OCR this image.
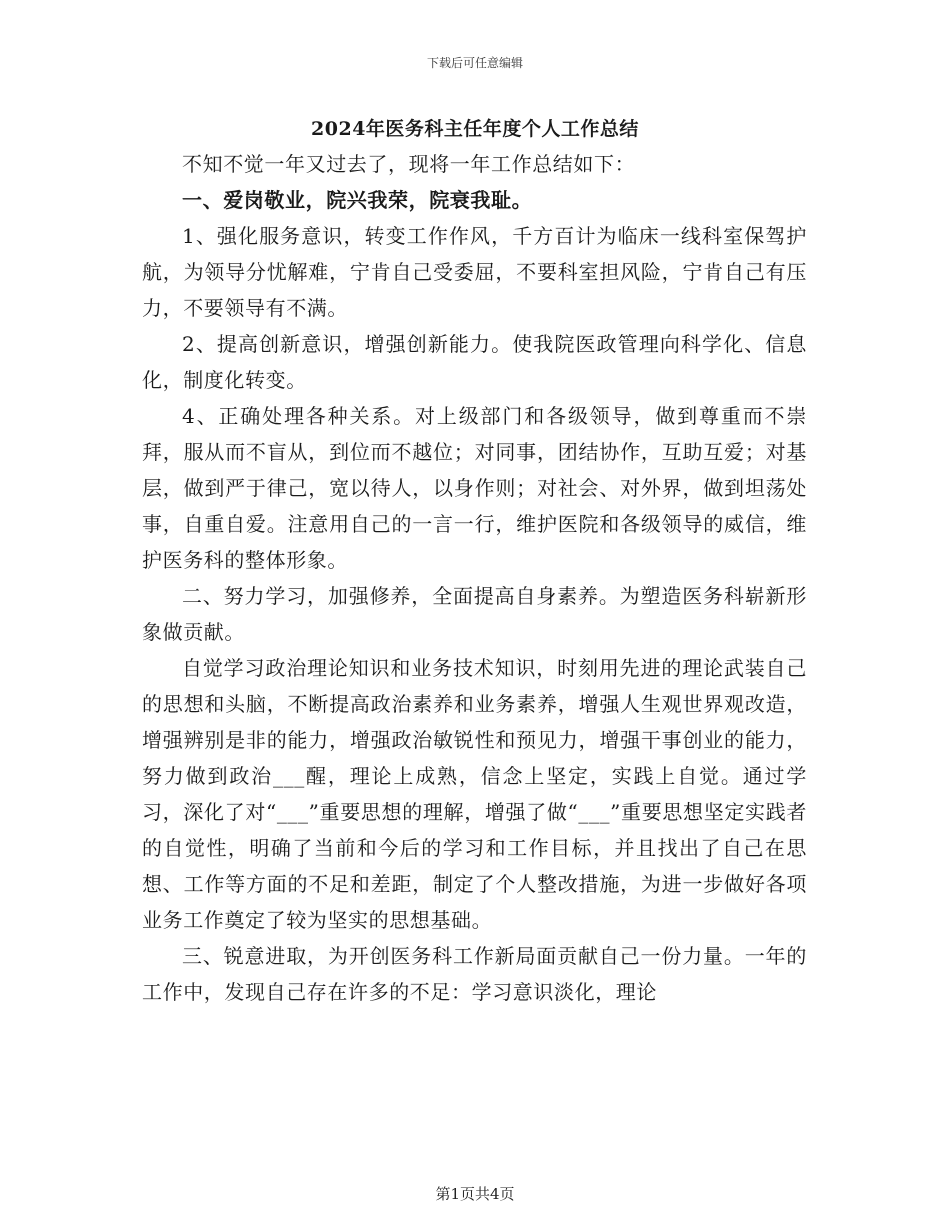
下载后可任意编辑
2024年医务科主任年度个人工作总结

不知不觉一年又过去了，现将一年工作总结如下：

一、爱岗敬业，院兴我荣，院衰我耻。

1、强化服务意识，转变工作作风，千方百计为临床一线科室保驾护航，为领导分忧解难，宁肯自己受委屈，不要科室担风险，宁肯自己有压力，不要领导有不满。

2、提高创新意识，增强创新能力。使我院医政管理向科学化、信息化，制度化转变。

4、正确处理各种关系。对上级部门和各级领导，做到尊重而不崇拜，服从而不盲从，到位而不越位；对同事，团结协作，互助互爱；对基层，做到严于律己，宽以待人，以身作则；对社会、对外界，做到坦荡处事，自重自爱。注意用自己的一言一行，维护医院和各级领导的威信，维护医务科的整体形象。

二、努力学习，加强修养，全面提高自身素养。为塑造医务科崭新形象做贡献。

自觉学习政治理论知识和业务技术知识，时刻用先进的理论武装自己的思想和头脑，不断提高政治素养和业务素养，增强人生观世界观改造，增强辨别是非的能力，增强政治敏锐性和预见力，增强干事创业的能力，努力做到政治___醒，理论上成熟，信念上坚定，实践上自觉。通过学习，深化了对“___”重要思想的理解，增强了做“___”重要思想坚定实践者的自觉性，明确了当前和今后的学习和工作目标，并且找出了自己在思想、工作等方面的不足和差距，制定了个人整改措施，为进一步做好各项业务工作奠定了较为坚实的思想基础。

三、锐意进取，为开创医务科工作新局面贡献自己一份力量。一年的工作中，发现自己存在许多的不足：学习意识淡化，理论

第1页共4页
